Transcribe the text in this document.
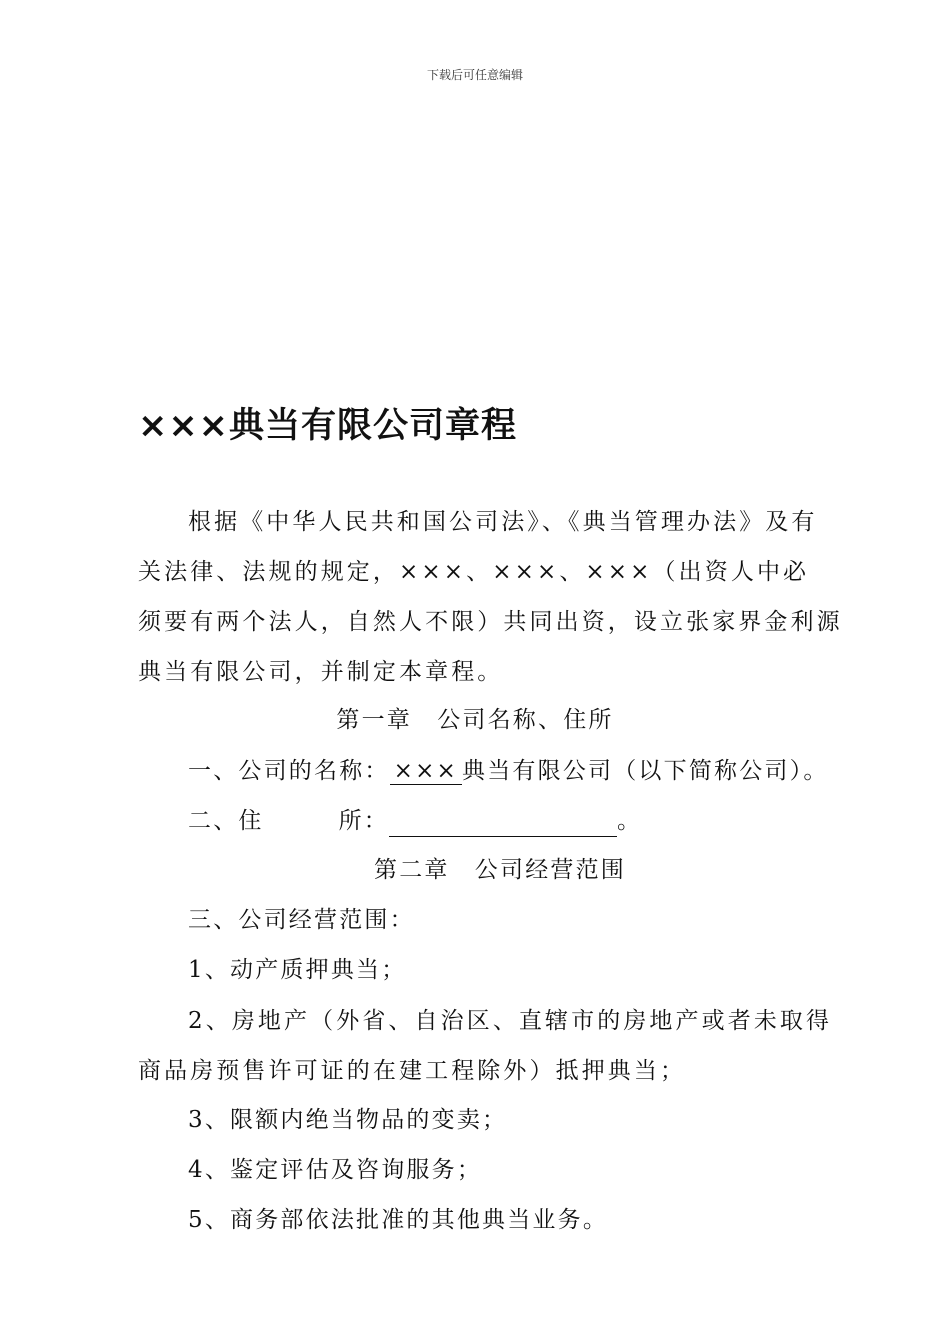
下载后可任意编辑
×××典当有限公司章程
根据《中华人民共和国公司法》、《典当管理办法》及有
关法律、法规的规定，×××、×××、×××（出资人中必
须要有两个法人，自然人不限）共同出资，设立张家界金利源
典当有限公司，并制定本章程。
第一章　公司名称、住所
一、公司的名称： ××× 典当有限公司（以下简称公司）。
二、住	所：	。
第二章　公司经营范围
三、公司经营范围：
1、动产质押典当；
2、房地产（外省、自治区、直辖市的房地产或者未取得
商品房预售许可证的在建工程除外）抵押典当；
3、限额内绝当物品的变卖；
4、鉴定评估及咨询服务；
5、商务部依法批准的其他典当业务。
